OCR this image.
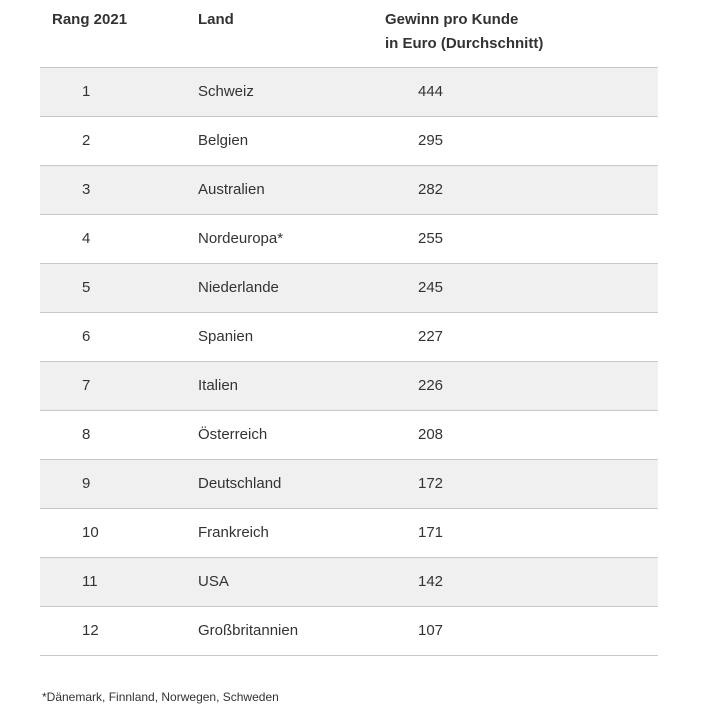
Rang 2021	Land	Gewinn pro Kunde
in Euro (Durchschnitt)

1	Schweiz	444
2	Belgien	295
3	Australien	282
4	Nordeuropa*	255
5	Niederlande	245
6	Spanien	227
7	Italien	226
8	Österreich	208
9	Deutschland	172
10	Frankreich	171
11	USA	142
12	Großbritannien	107
*Dänemark, Finnland, Norwegen, Schweden
